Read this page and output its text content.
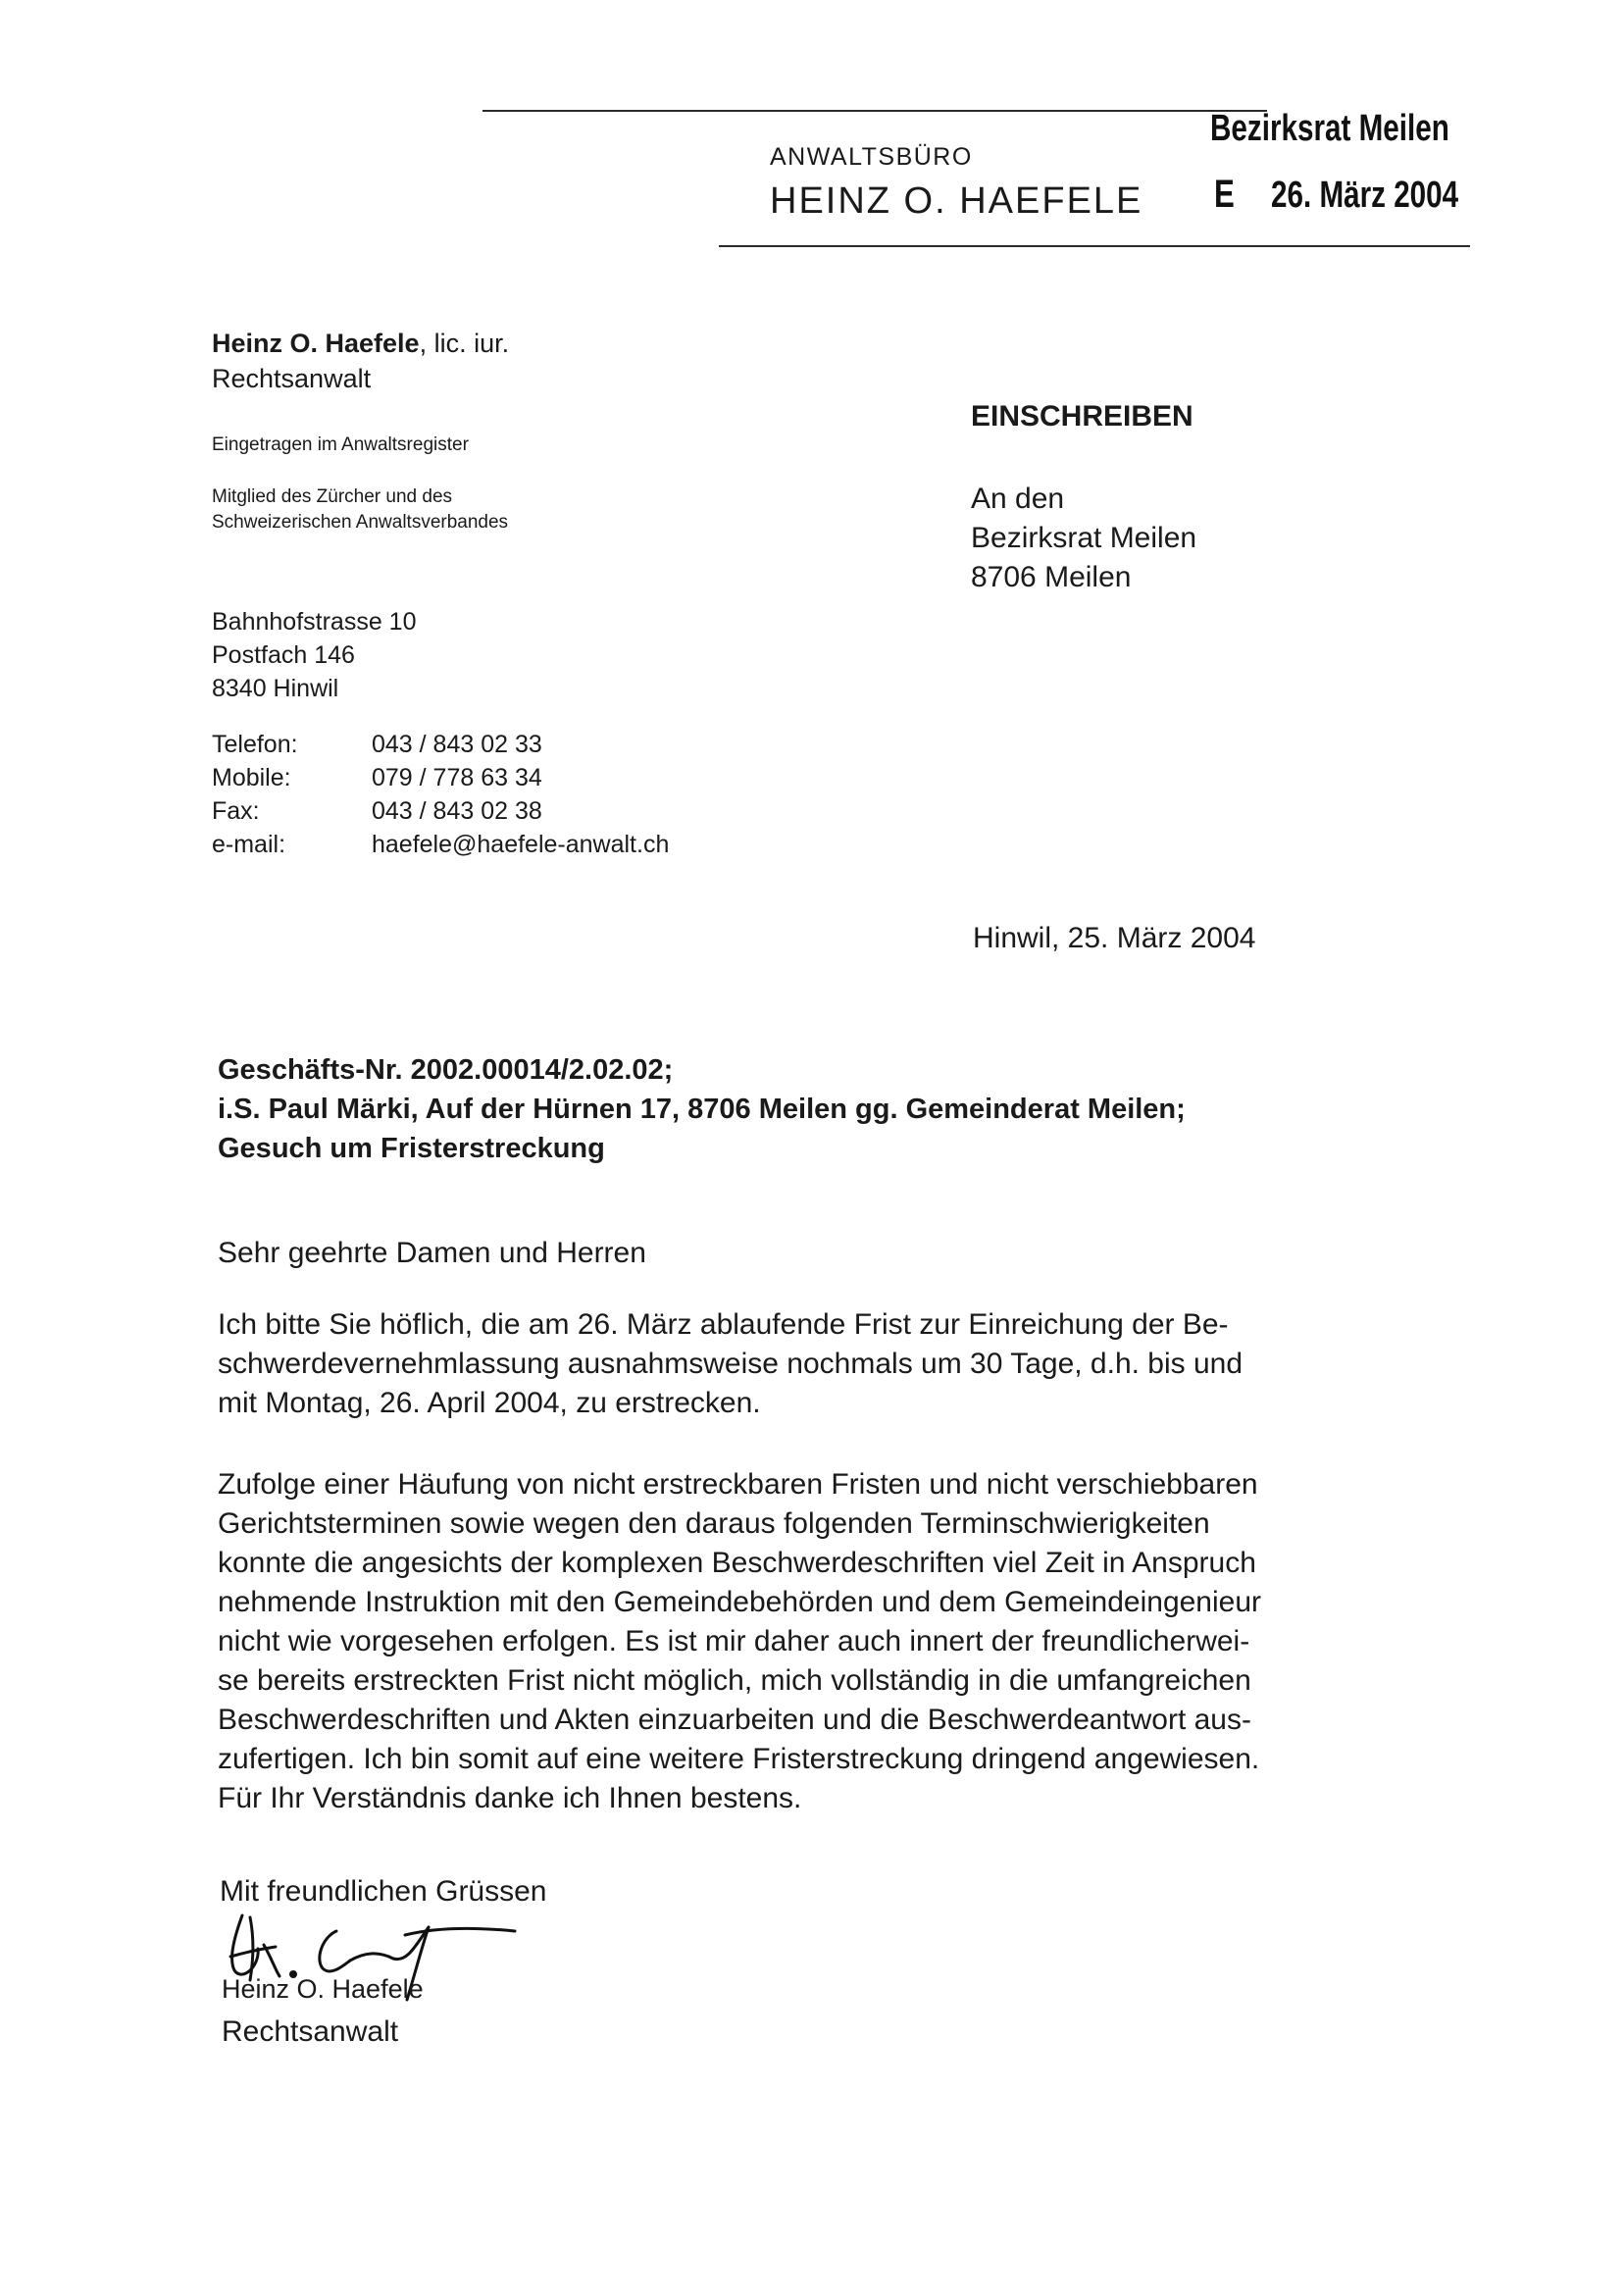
ANWALTSBÜRO
HEINZ O. HAEFELE
Bezirksrat Meilen
E 26. März 2004
Heinz O. Haefele, lic. iur.
Rechtsanwalt
Eingetragen im Anwaltsregister
Mitglied des Zürcher und des
Schweizerischen Anwaltsverbandes
Bahnhofstrasse 10
Postfach 146
8340 Hinwil
Telefon:	043 / 843 02 33
Mobile:	079 / 778 63 34
Fax:	043 / 843 02 38
e-mail:	haefele@haefele-anwalt.ch
EINSCHREIBEN
An den
Bezirksrat Meilen
8706 Meilen
Hinwil, 25. März 2004
Geschäfts-Nr. 2002.00014/2.02.02;
i.S. Paul Märki, Auf der Hürnen 17, 8706 Meilen gg. Gemeinderat Meilen;
Gesuch um Fristerstreckung
Sehr geehrte Damen und Herren
Ich bitte Sie höflich, die am 26. März ablaufende Frist zur Einreichung der Be-
schwerdevernehmlassung ausnahmsweise nochmals um 30 Tage, d.h. bis und
mit Montag, 26. April 2004, zu erstrecken.
Zufolge einer Häufung von nicht erstreckbaren Fristen und nicht verschiebbaren
Gerichtsterminen sowie wegen den daraus folgenden Terminschwierigkeiten
konnte die angesichts der komplexen Beschwerdeschriften viel Zeit in Anspruch
nehmende Instruktion mit den Gemeindebehörden und dem Gemeindeingenieur
nicht wie vorgesehen erfolgen. Es ist mir daher auch innert der freundlicherwei-
se bereits erstreckten Frist nicht möglich, mich vollständig in die umfangreichen
Beschwerdeschriften und Akten einzuarbeiten und die Beschwerdeantwort aus-
zufertigen. Ich bin somit auf eine weitere Fristerstreckung dringend angewiesen.
Für Ihr Verständnis danke ich Ihnen bestens.
Mit freundlichen Grüssen
Heinz O. Haefele
Rechtsanwalt
